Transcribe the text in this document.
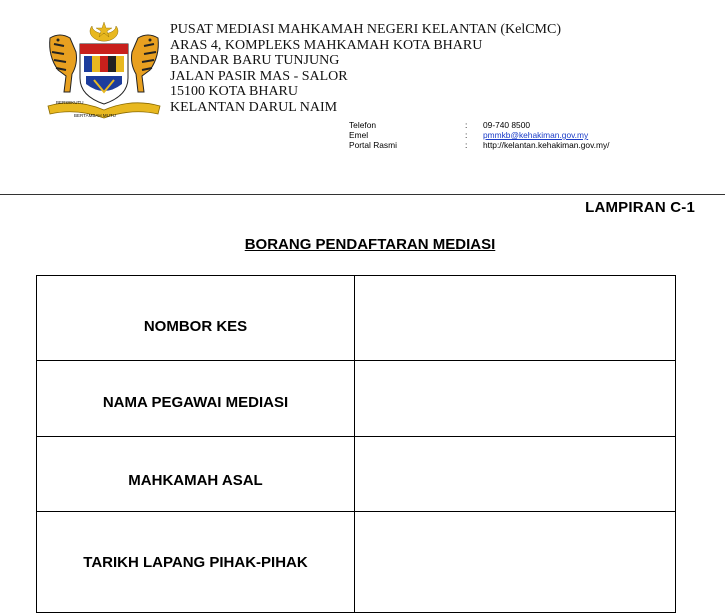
BERSEKUTU
BERTAMBAH MUTU
PUSAT MEDIASI MAHKAMAH NEGERI KELANTAN (KelCMC)
ARAS 4, KOMPLEKS MAHKAMAH KOTA BHARU
BANDAR BARU TUNJUNG
JALAN PASIR MAS - SALOR
15100 KOTA BHARU
KELANTAN DARUL NAIM
Telefon	:	09-740 8500
Emel	:	pmmkb@kehakiman.gov.my
Portal Rasmi	:	http://kelantan.kehakiman.gov.my/
LAMPIRAN C-1
BORANG PENDAFTARAN MEDIASI
NOMBOR KES	

NAMA PEGAWAI MEDIASI	

MAHKAMAH ASAL	

TARIKH LAPANG PIHAK-PIHAK	
